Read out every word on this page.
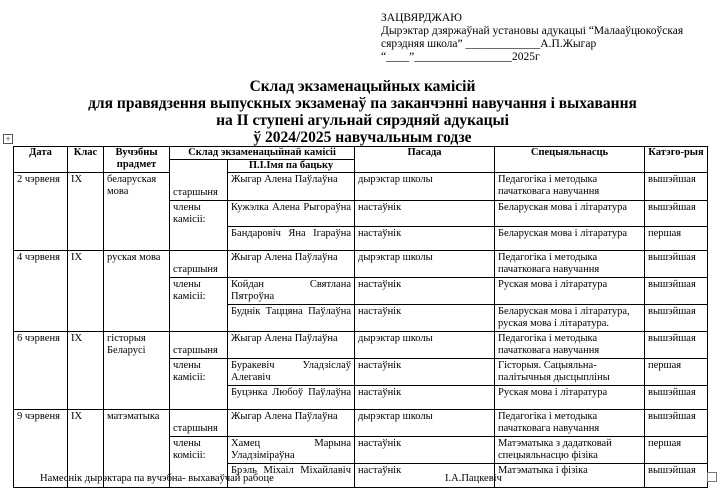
ЗАЦВЯРДЖАЮ
Дырэктар дзяржаўнай установы адукацыі “Малааўцюкоўская
сярэдняя школа” _____________А.П.Жыгар
“____”_________________2025г
Склад экзаменацыйных камісій
для правядзення выпускных экзаменаў па заканчэнні навучання і выхавання
на ІІ ступені агульнай сярэдняй адукацыі
ў 2024/2025 навучальным годзе
+
Дата	Клас	Вучэбны прадмет	Склад экзаменацыйнай камісіі		Пасада	Спецыяльнасць	Катэго-рыя
				П.І.Імя па бацьку			
2 чэрвеня	IX	беларуская мова	старшыня	Жыгар Алена Паўлаўна	дырэктар школы	Педагогіка і методыка пачатковага навучання	вышэйшая
			члены камісіі:	Кужэлка Алена Рыгораўна	настаўнік	Беларуская мова і літаратура	вышэйшая
				Бандаровіч Яна Ігараўна	настаўнік	Беларуская мова і літаратура	першая
4 чэрвеня	IX	руская мова	старшыня	Жыгар Алена Паўлаўна	дырэктар школы	Педагогіка і методыка пачатковага навучання	вышэйшая
			члены камісіі:	Койдан Святлана Пятроўна	настаўнік	Руская мова і літаратура	вышэйшая
				Буднік Таццяна Паўлаўна	настаўнік	Беларуская мова і літаратура, руская мова і літаратура.	вышэйшая
6 чэрвеня	IX	гісторыя Беларусі	старшыня	Жыгар Алена Паўлаўна	дырэктар школы	Педагогіка і методыка пачатковага навучання	вышэйшая
			члены камісіі:	Буракевіч Уладзіслаў Алегавіч	настаўнік	Гісторыя. Сацыяльна-палітычныя дысцыпліны	першая
				Буцэнка Любоў Паўлаўна	настаўнік	Руская мова і літаратура	вышэйшая
9 чэрвеня	IX	матэматыка	старшыня	Жыгар Алена Паўлаўна	дырэктар школы	Педагогіка і методыка пачатковага навучання	вышэйшая
			члены комісіі:	Хамец Марына Уладзіміраўна	настаўнік	Матэматыка з дадатковай спецыяльнасцю фізіка	першая
				Брэль Міхаіл Міхайлавіч	настаўнік	Матэматыка і фізіка	вышэйшая
Намеснік дырэктара па вучэбна- выхаваўчай рабоце	І.А.Пацкевіч
